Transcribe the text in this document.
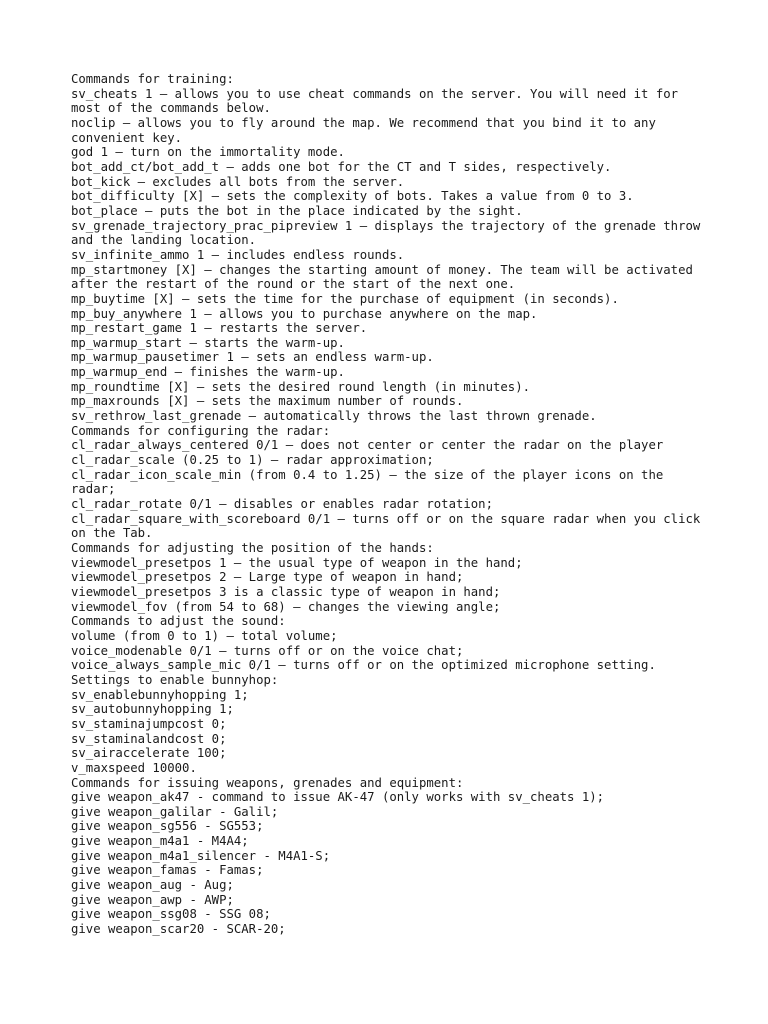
Commands for training:
sv_cheats 1 — allows you to use cheat commands on the server. You will need it for most of the commands below.
noclip — allows you to fly around the map. We recommend that you bind it to any convenient key.
god 1 — turn on the immortality mode.
bot_add_ct/bot_add_t — adds one bot for the CT and T sides, respectively.
bot_kick — excludes all bots from the server.
bot_difficulty [X] — sets the complexity of bots. Takes a value from 0 to 3.
bot_place — puts the bot in the place indicated by the sight.
sv_grenade_trajectory_prac_pipreview 1 — displays the trajectory of the grenade throw and the landing location.
sv_infinite_ammo 1 — includes endless rounds.
mp_startmoney [X] — changes the starting amount of money. The team will be activated after the restart of the round or the start of the next one.
mp_buytime [X] — sets the time for the purchase of equipment (in seconds).
mp_buy_anywhere 1 — allows you to purchase anywhere on the map.
mp_restart_game 1 — restarts the server.
mp_warmup_start — starts the warm-up.
mp_warmup_pausetimer 1 — sets an endless warm-up.
mp_warmup_end — finishes the warm-up.
mp_roundtime [X] — sets the desired round length (in minutes).
mp_maxrounds [X] — sets the maximum number of rounds.
sv_rethrow_last_grenade – automatically throws the last thrown grenade.
Commands for configuring the radar:
cl_radar_always_centered 0/1 – does not center or center the radar on the player
cl_radar_scale (0.25 to 1) – radar approximation;
cl_radar_icon_scale_min (from 0.4 to 1.25) – the size of the player icons on the radar;
cl_radar_rotate 0/1 – disables or enables radar rotation;
cl_radar_square_with_scoreboard 0/1 – turns off or on the square radar when you click on the Tab.
Commands for adjusting the position of the hands:
viewmodel_presetpos 1 – the usual type of weapon in the hand;
viewmodel_presetpos 2 – Large type of weapon in hand;
viewmodel_presetpos 3 is a classic type of weapon in hand;
viewmodel_fov (from 54 to 68) – changes the viewing angle;
Commands to adjust the sound:
volume (from 0 to 1) – total volume;
voice_modenable 0/1 – turns off or on the voice chat;
voice_always_sample_mic 0/1 – turns off or on the optimized microphone setting.
Settings to enable bunnyhop:
sv_enablebunnyhopping 1;
sv_autobunnyhopping 1;
sv_staminajumpcost 0;
sv_staminalandcost 0;
sv_airaccelerate 100;
v_maxspeed 10000.
Commands for issuing weapons, grenades and equipment:
give weapon_ak47 - command to issue AK-47 (only works with sv_cheats 1);
give weapon_galilar - Galil;
give weapon_sg556 - SG553;
give weapon_m4a1 - M4A4;
give weapon_m4a1_silencer - M4A1-S;
give weapon_famas - Famas;
give weapon_aug - Aug;
give weapon_awp - AWP;
give weapon_ssg08 - SSG 08;
give weapon_scar20 - SCAR-20;
